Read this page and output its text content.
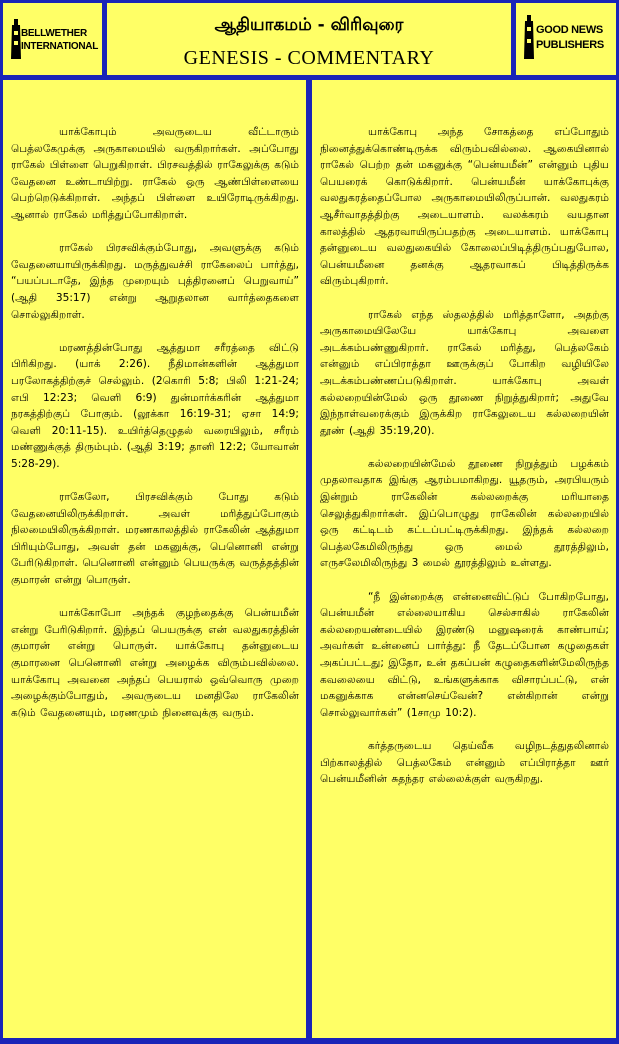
BELLWETHER
INTERNATIONAL
ஆதியாகமம் - விரிவுரை
GENESIS - COMMENTARY
GOOD NEWS
PUBLISHERS

யாக்கோபும் அவருடைய வீட்டாரும் பெத்லகேமுக்கு அருகாமையில் வருகிறார்கள். அப்போது ராகேல் பிள்ளை பெறுகிறாள். பிரசவத்தில் ராகேலுக்கு கடும் வேதனை உண்டாயிற்று. ராகேல் ஒரு ஆண்பிள்ளையை பெற்றெடுக்கிறாள். அந்தப் பிள்ளை உயிரோடிருக்கிறது. ஆனால் ராகேல் மரித்துப்போகிறாள்.

ராகேல் பிரசவிக்கும்போது, அவளுக்கு கடும் வேதனையாயிருக்கிறது. மருத்துவச்சி ராகேலைப் பார்த்து, “பயப்படாதே, இந்த முறையும் புத்திரனைப் பெறுவாய்” (ஆதி 35:17) என்று ஆறுதலான வார்த்தைகளை சொல்லுகிறாள்.

மரணத்தின்போது ஆத்துமா சரீரத்தை விட்டு பிரிகிறது. (யாக் 2:26). நீதிமான்களின் ஆத்துமா பரலோகத்திற்குச் செல்லும். (2கொரி 5:8; பிலி 1:21-24; எபி 12:23; வெளி 6:9) துன்மார்க்கரின் ஆத்துமா நரகத்திற்குப் போகும். (லூக்கா 16:19-31; ஏசா 14:9; வெளி 20:11-15). உயிர்த்தெழுதல் வரையிலும், சரீரம் மண்ணுக்குத் திரும்பும். (ஆதி 3:19; தானி 12:2; யோவான் 5:28-29).

ராகேலோ, பிரசவிக்கும் போது கடும் வேதனையிலிருக்கிறாள். அவள் மரித்துப்போகும் நிலமையிலிருக்கிறாள். மரணகாலத்தில் ராகேலின் ஆத்துமா பிரியும்போது, அவள் தன் மகனுக்கு, பெனொனி என்று பேரிடுகிறாள். பெனொனி என்னும் பெயருக்கு வருத்தத்தின் குமாரன் என்று பொருள்.

யாக்கோபோ அந்தக் குழந்தைக்கு பென்யமீன் என்று பேரிடுகிறார். இந்தப் பெயருக்கு என் வலதுகரத்தின் குமாரன் என்று பொருள். யாக்கோபு தன்னுடைய குமாரனை பெனொனி என்று அழைக்க விரும்பவில்லை. யாக்கோபு அவனை அந்தப் பெயரால் ஒவ்வொரு முறை அழைக்கும்போதும், அவருடைய மனதிலே ராகேலின் கடும் வேதனையும், மரணமும் நினைவுக்கு வரும்.

யாக்கோபு அந்த சோகத்தை எப்போதும் நினைத்துக்கொண்டிருக்க விரும்பவில்லை. ஆகையினால் ராகேல் பெற்ற தன் மகனுக்கு “பென்யமீன்” என்னும் புதிய பெயரைக் கொடுக்கிறார். பென்யமீன் யாக்கோபுக்கு வலதுகரத்தைப்போல அருகாமையிலிருப்பான். வலதுகரம் ஆசீர்வாதத்திற்கு அடையாளம். வலக்கரம் வயதான காலத்தில் ஆதரவாயிருப்பதற்கு அடையாளம். யாக்கோபு தன்னுடைய வலதுகையில் கோலைப்பிடித்திருப்பதுபோல, பென்யமீனை தனக்கு ஆதரவாகப் பிடித்திருக்க விரும்புகிறார்.

ராகேல் எந்த ஸ்தலத்தில் மரித்தாளோ, அதற்கு அருகாமையிலேயே யாக்கோபு அவளை அடக்கம்பண்ணுகிறார். ராகேல் மரித்து, பெத்லகேம் என்னும் எப்பிராத்தா ஊருக்குப் போகிற வழியிலே அடக்கம்பண்ணப்படுகிறாள். யாக்கோபு அவள் கல்லறையின்மேல் ஒரு தூணை நிறுத்துகிறார்; அதுவே இந்நாள்வரைக்கும் இருக்கிற ராகேலுடைய கல்லறையின் தூண் (ஆதி 35:19,20).

கல்லறையின்மேல் தூணை நிறுத்தும் பழக்கம் முதலாவதாக இங்கு ஆரம்பமாகிறது. யூதரும், அரபியரும் இன்றும் ராகேலின் கல்லறைக்கு மரியாதை செலுத்துகிறார்கள். இப்பொழுது ராகேலின் கல்லறையில் ஒரு கட்டிடம் கட்டப்பட்டிருக்கிறது. இந்தக் கல்லறை பெத்லகேமிலிருந்து ஒரு மைல் தூரத்திலும், எருசலேமிலிருந்து 3 மைல் தூரத்திலும் உள்ளது.

“நீ இன்றைக்கு என்னைவிட்டுப் போகிறபோது, பென்யமீன் எல்லையாகிய செல்சாகில் ராகேலின் கல்லறையண்டையில் இரண்டு மனுஷரைக் காண்பாய்; அவர்கள் உன்னைப் பார்த்து: நீ தேடப்போன கழுதைகள் அகப்பட்டது; இதோ, உன் தகப்பன் கழுதைகளின்மேலிருந்த கவலையை விட்டு, உங்களுக்காக விசாரப்பட்டு, என் மகனுக்காக என்னசெய்வேன்? என்கிறான் என்று சொல்லுவார்கள்” (1சாமு 10:2).

கர்த்தருடைய தெய்வீக வழிநடத்துதலினால் பிற்காலத்தில் பெத்லகேம் என்னும் எப்பிராத்தா ஊர் பென்யமீனின் சுதந்தர எல்லைக்குள் வருகிறது.
